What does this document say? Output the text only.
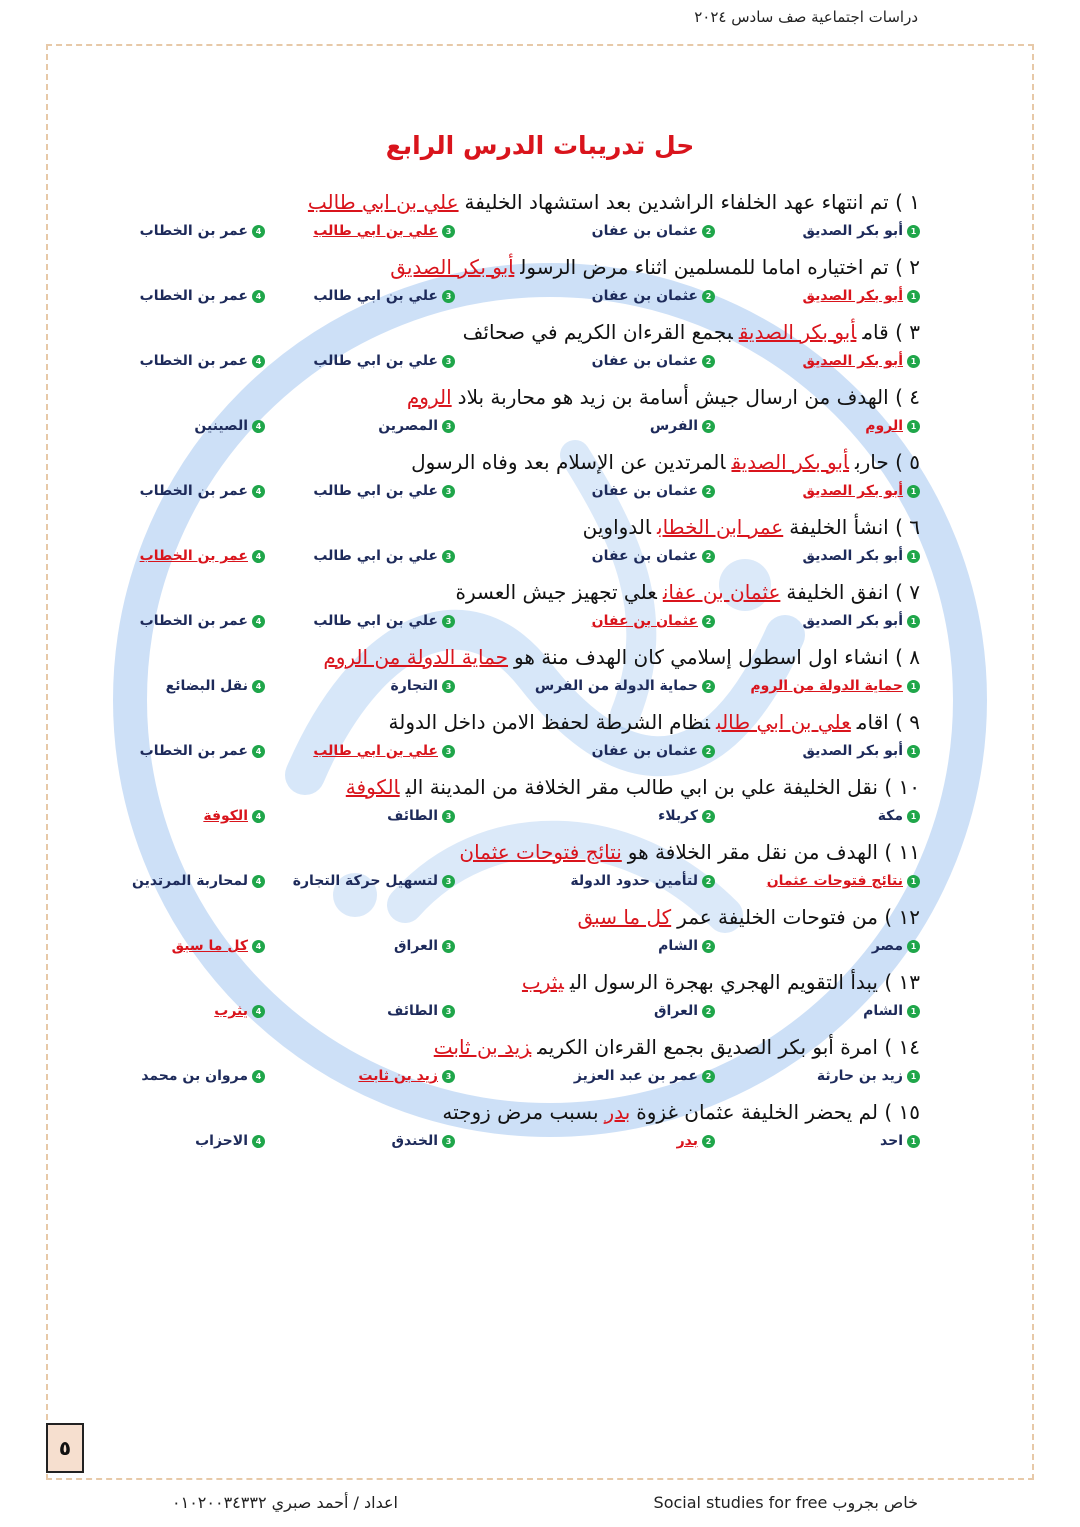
دراسات اجتماعية صف سادس ٢٠٢٤
حل تدريبات الدرس الرابع
١ ) تم انتهاء عهد الخلفاء الراشدين بعد استشهاد الخليفةعلي بن ابي طالب
1
أبو بكر الصديق
2
عثمان بن عفان
3
علي بن ابي طالب
4
عمر بن الخطاب
٢ ) تم اختياره اماما للمسلمين اثناء مرض الرسولأبو بكر الصديق
1
أبو بكر الصديق
2
عثمان بن عفان
3
علي بن ابي طالب
4
عمر بن الخطاب
٣ ) قامأبو بكر الصديقبجمع القرءان الكريم في صحائف
1
أبو بكر الصديق
2
عثمان بن عفان
3
علي بن ابي طالب
4
عمر بن الخطاب
٤ ) الهدف من ارسال جيش أسامة بن زيد هو محاربة بلادالروم
1
الروم
2
الفرس
3
المصرين
4
الصينين
٥ ) حاربأبو بكر الصديقالمرتدين عن الإسلام بعد وفاه الرسول
1
أبو بكر الصديق
2
عثمان بن عفان
3
علي بن ابي طالب
4
عمر بن الخطاب
٦ ) انشأ الخليفةعمر ابن الخطابالدواوين
1
أبو بكر الصديق
2
عثمان بن عفان
3
علي بن ابي طالب
4
عمر بن الخطاب
٧ ) انفق الخليفةعثمان بن عفانعلي تجهيز جيش العسرة
1
أبو بكر الصديق
2
عثمان بن عفان
3
علي بن ابي طالب
4
عمر بن الخطاب
٨ ) انشاء اول اسطول إسلامي كان الهدف منة هوحماية الدولة من الروم
1
حماية الدولة من الروم
2
حماية الدولة من الفرس
3
التجارة
4
نقل البضائع
٩ ) اقامعلي بن ابي طالبنظام الشرطة لحفظ الامن داخل الدولة
1
أبو بكر الصديق
2
عثمان بن عفان
3
علي بن ابي طالب
4
عمر بن الخطاب
١٠ ) نقل الخليفة علي بن ابي طالب مقر الخلافة من المدينة اليالكوفة
1
مكة
2
كربلاء
3
الطائف
4
الكوفة
١١ ) الهدف من نقل مقر الخلافة هونتائج فتوحات عثمان
1
نتائج فتوحات عثمان
2
لتأمين حدود الدولة
3
لتسهيل حركة التجارة
4
لمحاربة المرتدين
١٢ ) من فتوحات الخليفة عمركل ما سبق
1
مصر
2
الشام
3
العراق
4
كل ما سبق
١٣ ) يبدأ التقويم الهجري بهجرة الرسول الييثرب
1
الشام
2
العراق
3
الطائف
4
يثرب
١٤ ) امرة أبو بكر الصديق بجمع القرءان الكريمزيد بن ثابت
1
زيد بن حارثة
2
عمر بن عبد العزيز
3
زيد بن ثابت
4
مروان بن محمد
١٥ ) لم يحضر الخليفة عثمان غزوةبدربسبب مرض زوجته
1
احد
2
بدر
3
الخندق
4
الاحزاب
٥
اعداد / أحمد صبري ٠١٠٢٠٠٣٤٣٣٢	خاص بجروب Social studies for free
